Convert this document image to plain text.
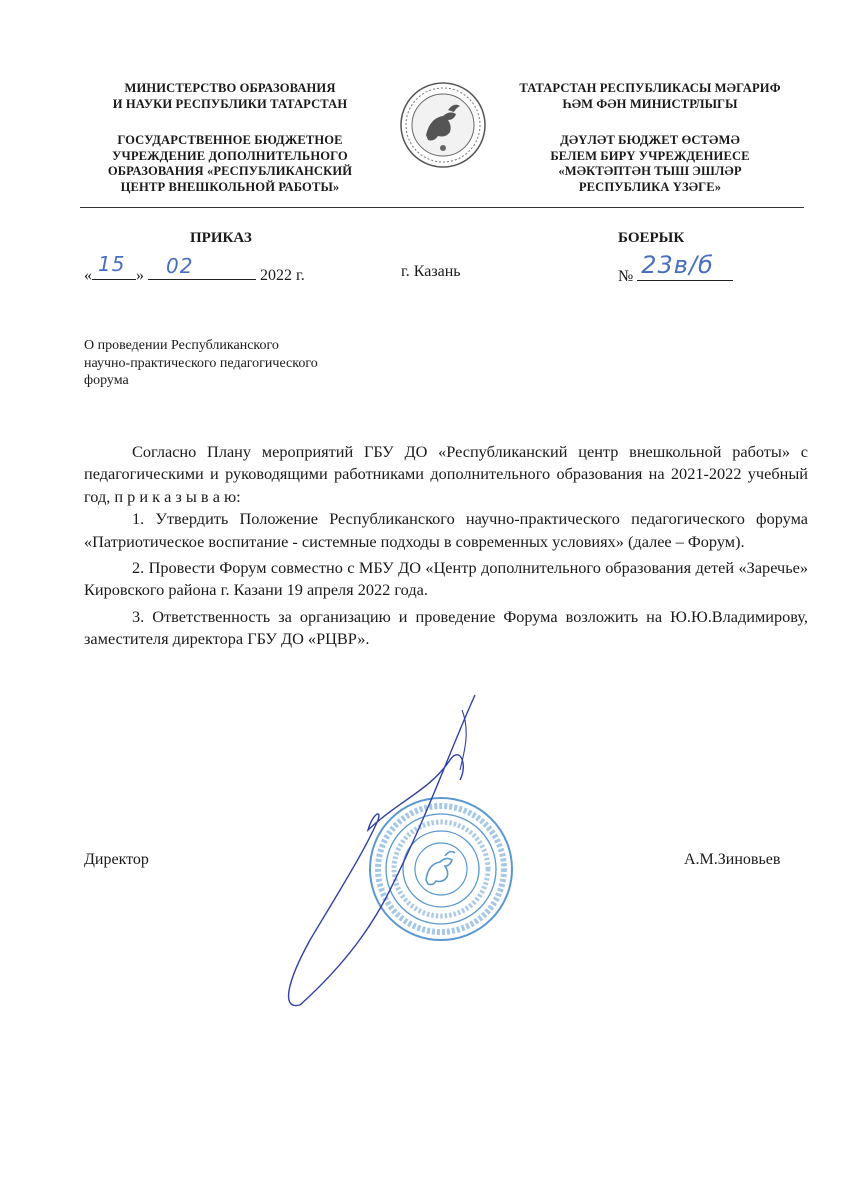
МИНИСТЕРСТВО ОБРАЗОВАНИЯ
И НАУКИ РЕСПУБЛИКИ ТАТАРСТАН
ГОСУДАРСТВЕННОЕ БЮДЖЕТНОЕ
УЧРЕЖДЕНИЕ ДОПОЛНИТЕЛЬНОГО
ОБРАЗОВАНИЯ «РЕСПУБЛИКАНСКИЙ
ЦЕНТР ВНЕШКОЛЬНОЙ РАБОТЫ»
ТАТАРСТАН РЕСПУБЛИКАСЫ МӘГАРИФ
ҺӘМ ФӘН МИНИСТРЛЫГЫ
ДӘҮЛӘТ БЮДЖЕТ ӨСТӘМӘ
БЕЛЕМ БИРҮ УЧРЕЖДЕНИЕСЕ
«МӘКТӘПТӘН ТЫШ ЭШЛӘР
РЕСПУБЛИКА ҮЗӘГЕ»
ПРИКАЗ	БОЕРЫК
« 15 » 02	2022 г.	г. Казань	№ 23в/б
О проведении Республиканского
научно-практического педагогического
форума

Согласно Плану мероприятий ГБУ ДО «Республиканский центр внешкольной работы» с педагогическими и руководящими работниками дополнительного образования на 2021-2022 учебный год, п р и к а з ы в а ю:

1. Утвердить Положение Республиканского научно-практического педагогического форума «Патриотическое воспитание - системные подходы в современных условиях» (далее – Форум).

2. Провести Форум совместно с МБУ ДО «Центр дополнительного образования детей «Заречье» Кировского района г. Казани 19 апреля 2022 года.

3. Ответственность за организацию и проведение Форума возложить на Ю.Ю.Владимирову, заместителя директора ГБУ ДО «РЦВР».

Директор	А.М.Зиновьев
